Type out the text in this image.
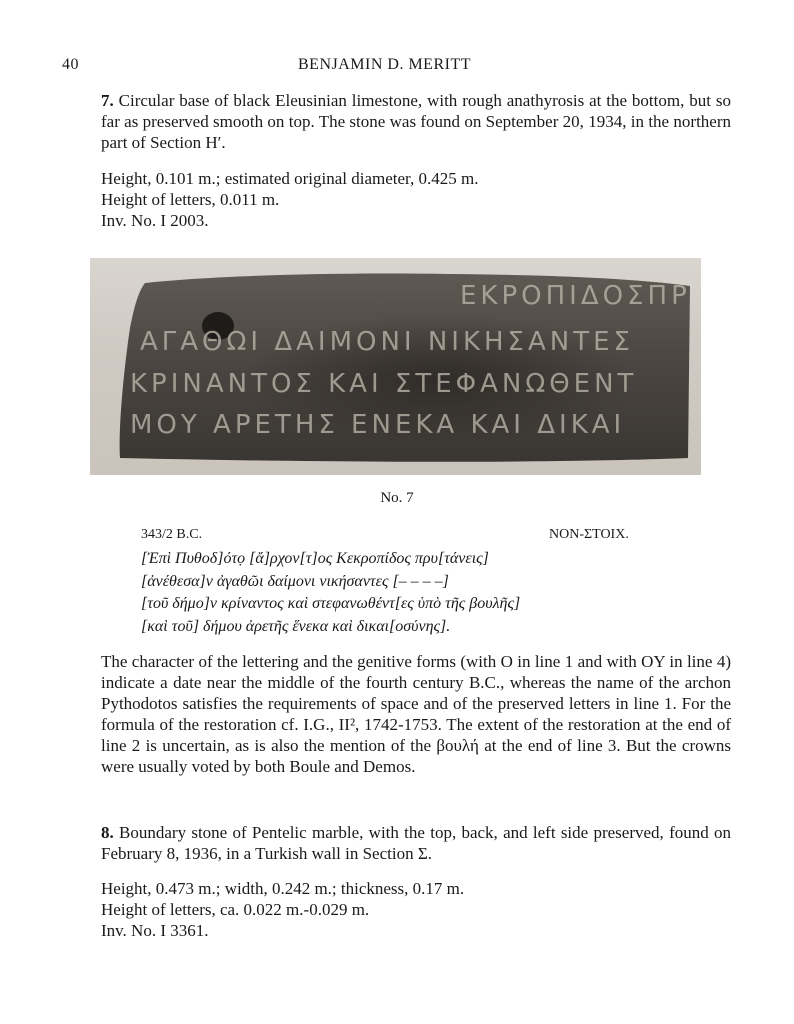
40	BENJAMIN D. MERITT

7. Circular base of black Eleusinian limestone, with rough anathyrosis at the bottom, but so far as preserved smooth on top. The stone was found on September 20, 1934, in the northern part of Section H′.

Height, 0.101 m.; estimated original diameter, 0.425 m.
Height of letters, 0.011 m.
Inv. No. I 2003.
ΕΚΡΟΠΙΔΟΣΠΡ
ΑΓΑΘΩΙ ΔΑΙΜΟΝΙ ΝΙΚΗΣΑΝΤΕΣ
ΚΡΙΝΑΝΤΟΣ ΚΑΙ ΣΤΕΦΑΝΩΘΕΝΤ
ΜΟΥ ΑΡΕΤΗΣ ΕΝΕΚΑ ΚΑΙ ΔΙΚΑΙ
No. 7
343/2 B.C.	NON-ΣΤΟΙΧ.
[Ἐπὶ Πυθοδ]ότọ [ἄ]ρχον[τ]ος Κεκροπίδος πρυ[τάνεις]
[ἀνέθεσα]ν ἀγαθῶι δαίμονι νικήσαντες [– – – –]
[τοῦ δήμο]ν κρίναντος καὶ στεφανωθέντ[ες ὑπὸ τῆς βουλῆς]
[καὶ τοῦ] δήμου ἀρετῆς ἕνεκα καὶ δικαι[οσύνης].

The character of the lettering and the genitive forms (with O in line 1 and with OY in line 4) indicate a date near the middle of the fourth century B.C., whereas the name of the archon Pythodotos satisfies the requirements of space and of the preserved letters in line 1. For the formula of the restoration cf. I.G., II², 1742-1753. The extent of the restoration at the end of line 2 is uncertain, as is also the mention of the βουλή at the end of line 3. But the crowns were usually voted by both Boule and Demos.

8. Boundary stone of Pentelic marble, with the top, back, and left side preserved, found on February 8, 1936, in a Turkish wall in Section Σ.

Height, 0.473 m.; width, 0.242 m.; thickness, 0.17 m.
Height of letters, ca. 0.022 m.-0.029 m.
Inv. No. I 3361.
